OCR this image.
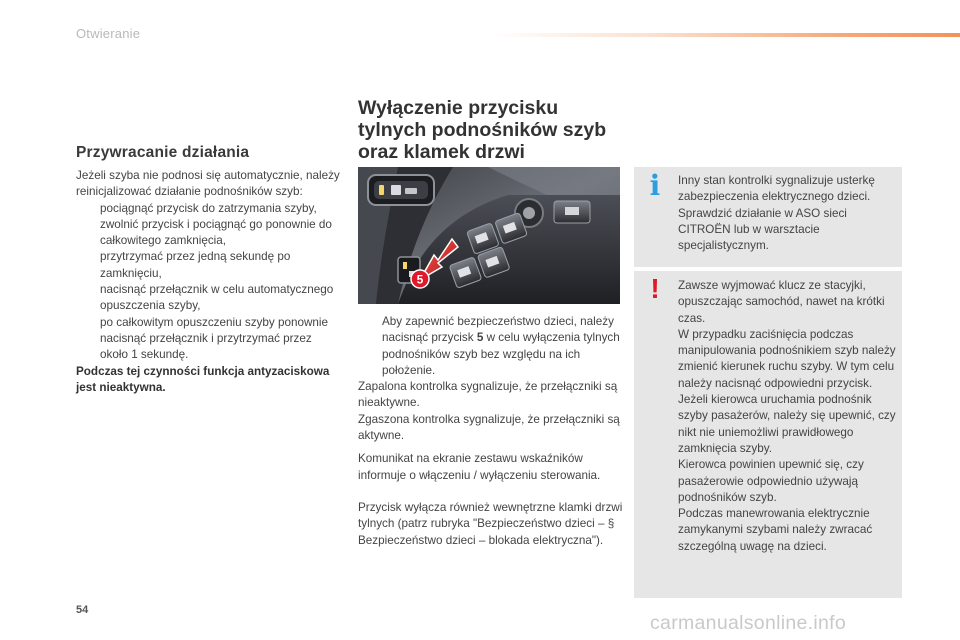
Otwieranie
Przywracanie działania

Jeżeli szyba nie podnosi się automatycznie, należy reinicjalizować działanie podnośników szyb:

pociągnąć przycisk do zatrzymania szyby,

zwolnić przycisk i pociągnąć go ponownie do całkowitego zamknięcia,

przytrzymać przez jedną sekundę po zamknięciu,

nacisnąć przełącznik w celu automatycznego opuszczenia szyby,

po całkowitym opuszczeniu szyby ponownie nacisnąć przełącznik i przytrzymać przez około 1 sekundę.

Podczas tej czynności funkcja antyzaciskowa jest nieaktywna.

Wyłączenie przycisku tylnych podnośników szyb oraz klamek drzwi
5

Aby zapewnić bezpieczeństwo dzieci, należy nacisnąć przycisk 5 w celu wyłączenia tylnych podnośników szyb bez względu na ich położenie.

Zapalona kontrolka sygnalizuje, że przełączniki są nieaktywne.

Zgaszona kontrolka sygnalizuje, że przełączniki są aktywne.

Komunikat na ekranie zestawu wskaźników informuje o włączeniu / wyłączeniu sterowania.

Przycisk wyłącza również wewnętrzne klamki drzwi tylnych (patrz rubryka "Bezpieczeństwo dzieci – § Bezpieczeństwo dzieci – blokada elektryczna").

i	Inny stan kontrolki sygnalizuje usterkę zabezpieczenia elektrycznego dzieci. Sprawdzić działanie w ASO sieci CITROËN lub w warsztacie specjalistycznym.

!	Zawsze wyjmować klucz ze stacyjki, opuszczając samochód, nawet na krótki czas.

W przypadku zaciśnięcia podczas manipulowania podnośnikiem szyb należy zmienić kierunek ruchu szyby. W tym celu należy nacisnąć odpowiedni przycisk.

Jeżeli kierowca uruchamia podnośnik szyby pasażerów, należy się upewnić, czy nikt nie uniemożliwi prawidłowego zamknięcia szyby.

Kierowca powinien upewnić się, czy pasażerowie odpowiednio używają podnośników szyb.

Podczas manewrowania elektrycznie zamykanymi szybami należy zwracać szczególną uwagę na dzieci.

54
carmanualsonline.info
